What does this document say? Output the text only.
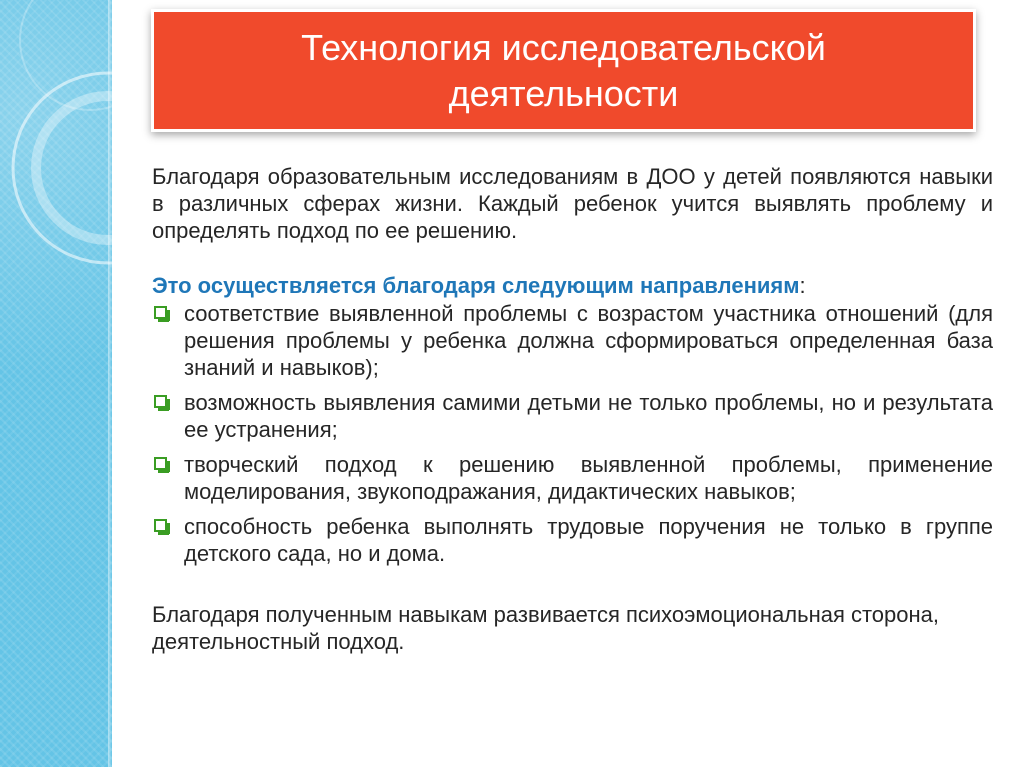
Технология исследовательской
деятельности

Благодаря образовательным исследованиям в ДОО у детей появляются навыки в различных сферах жизни. Каждый ребенок учится выявлять проблему и определять подход по ее решению.

Это осуществляется благодаря следующим направлениям:

соответствие выявленной проблемы с возрастом участника отношений (для решения проблемы у ребенка должна сформироваться определенная база знаний и навыков);
возможность выявления самими детьми не только проблемы, но и результата ее устранения;
творческий подход к решению выявленной проблемы, применение моделирования, звукоподражания, дидактических навыков;
способность ребенка выполнять трудовые поручения не только в группе детского сада, но и дома.

Благодаря полученным навыкам развивается психоэмоциональная сторона, деятельностный подход.
